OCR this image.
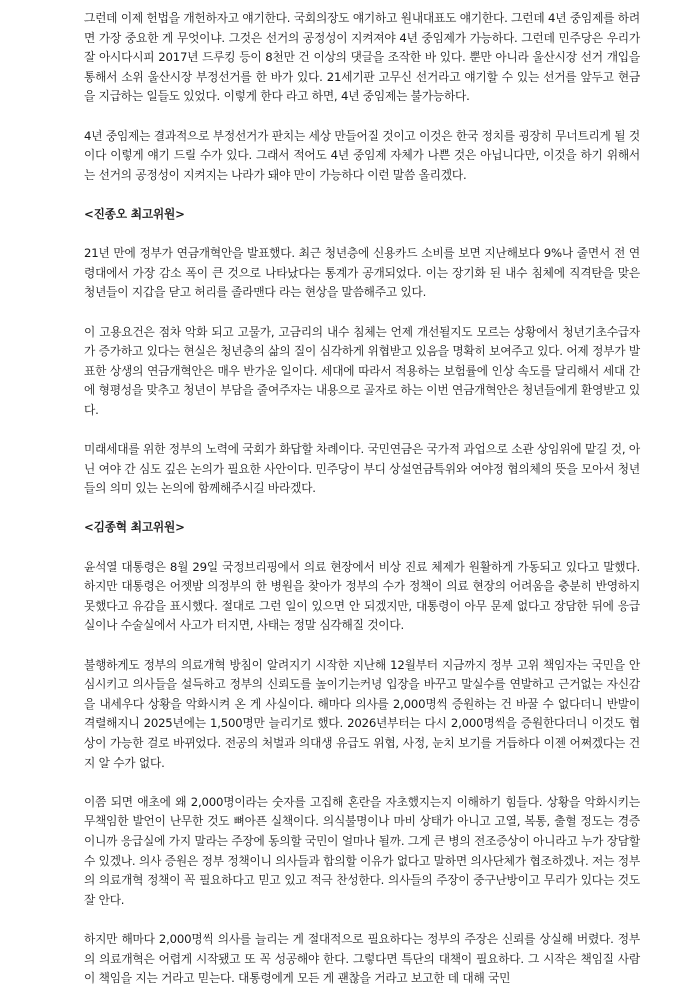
그런데 이제 헌법을 개헌하자고 얘기한다. 국회의장도 얘기하고 원내대표도 얘기한다. 그런데 4년 중임제를 하려면 가장 중요한 게 무엇이냐. 그것은 선거의 공정성이 지켜져야 4년 중임제가 가능하다. 그런데 민주당은 우리가 잘 아시다시피 2017년 드루킹 등이 8천만 건 이상의 댓글을 조작한 바 있다. 뿐만 아니라 울산시장 선거 개입을 통해서 소위 울산시장 부정선거를 한 바가 있다. 21세기판 고무신 선거라고 얘기할 수 있는 선거를 앞두고 현금을 지급하는 일들도 있었다. 이렇게 한다 라고 하면, 4년 중임제는 불가능하다.

4년 중임제는 결과적으로 부정선거가 판치는 세상 만들어질 것이고 이것은 한국 정치를 굉장히 무너트리게 될 것이다 이렇게 얘기 드릴 수가 있다. 그래서 적어도 4년 중임제 자체가 나쁜 것은 아닙니다만, 이것을 하기 위해서는 선거의 공정성이 지켜지는 나라가 돼야 만이 가능하다 이런 말씀 올리겠다.

<진종오 최고위원>

21년 만에 정부가 연금개혁안을 발표했다. 최근 청년층에 신용카드 소비를 보면 지난해보다 9%나 줄면서 전 연령대에서 가장 감소 폭이 큰 것으로 나타났다는 통계가 공개되었다. 이는 장기화 된 내수 침체에 직격탄을 맞은 청년들이 지갑을 닫고 허리를 졸라맨다 라는 현상을 말씀해주고 있다.

이 고용요건은 점차 악화 되고 고물가, 고금리의 내수 침체는 언제 개선될지도 모르는 상황에서 청년기초수급자가 증가하고 있다는 현실은 청년층의 삶의 질이 심각하게 위협받고 있음을 명확히 보여주고 있다. 어제 정부가 발표한 상생의 연금개혁안은 매우 반가운 일이다. 세대에 따라서 적용하는 보험률에 인상 속도를 달리해서 세대 간에 형평성을 맞추고 청년이 부담을 줄여주자는 내용으로 골자로 하는 이번 연금개혁안은 청년들에게 환영받고 있다.

미래세대를 위한 정부의 노력에 국회가 화답할 차례이다. 국민연금은 국가적 과업으로 소관 상임위에 맡길 것, 아닌 여야 간 심도 깊은 논의가 필요한 사안이다. 민주당이 부디 상설연금특위와 여야정 협의체의 뜻을 모아서 청년들의 의미 있는 논의에 함께해주시길 바라겠다.

<김종혁 최고위원>

윤석열 대통령은 8월 29일 국정브리핑에서 의료 현장에서 비상 진료 체제가 원활하게 가동되고 있다고 말했다. 하지만 대통령은 어젯밤 의정부의 한 병원을 찾아가 정부의 수가 정책이 의료 현장의 어려움을 충분히 반영하지 못했다고 유감을 표시했다. 절대로 그런 일이 있으면 안 되겠지만, 대통령이 아무 문제 없다고 장담한 뒤에 응급실이나 수술실에서 사고가 터지면, 사태는 정말 심각해질 것이다.

불행하게도 정부의 의료개혁 방침이 알려지기 시작한 지난해 12월부터 지금까지 정부 고위 책임자는 국민을 안심시키고 의사들을 설득하고 정부의 신뢰도를 높이기는커녕 입장을 바꾸고 말실수를 연발하고 근거없는 자신감을 내세우다 상황을 악화시켜 온 게 사실이다. 해마다 의사를 2,000명씩 증원하는 건 바꿀 수 없다더니 반발이 격렬해지니 2025년에는 1,500명만 늘리기로 했다. 2026년부터는 다시 2,000명씩을 증원한다더니 이것도 협상이 가능한 걸로 바뀌었다. 전공의 처벌과 의대생 유급도 위협, 사정, 눈치 보기를 거듭하다 이젠 어쩌겠다는 건지 알 수가 없다.

이쯤 되면 애초에 왜 2,000명이라는 숫자를 고집해 혼란을 자초했지는지 이해하기 힘들다. 상황을 악화시키는 무책임한 발언이 난무한 것도 뼈아픈 실책이다. 의식불명이나 마비 상태가 아니고 고열, 복통, 출혈 정도는 경증이니까 응급실에 가지 말라는 주장에 동의할 국민이 얼마나 될까. 그게 큰 병의 전조증상이 아니라고 누가 장담할 수 있겠나. 의사 증원은 정부 정책이니 의사들과 합의할 이유가 없다고 말하면 의사단체가 협조하겠나. 저는 정부의 의료개혁 정책이 꼭 필요하다고 믿고 있고 적극 찬성한다. 의사들의 주장이 중구난방이고 무리가 있다는 것도 잘 안다.

하지만 해마다 2,000명씩 의사를 늘리는 게 절대적으로 필요하다는 정부의 주장은 신뢰를 상실해 버렸다. 정부의 의료개혁은 어렵게 시작됐고 또 꼭 성공해야 한다. 그렇다면 특단의 대책이 필요하다. 그 시작은 책임질 사람이 책임을 지는 거라고 믿는다. 대통령에게 모든 게 괜찮을 거라고 보고한 데 대해 국민
